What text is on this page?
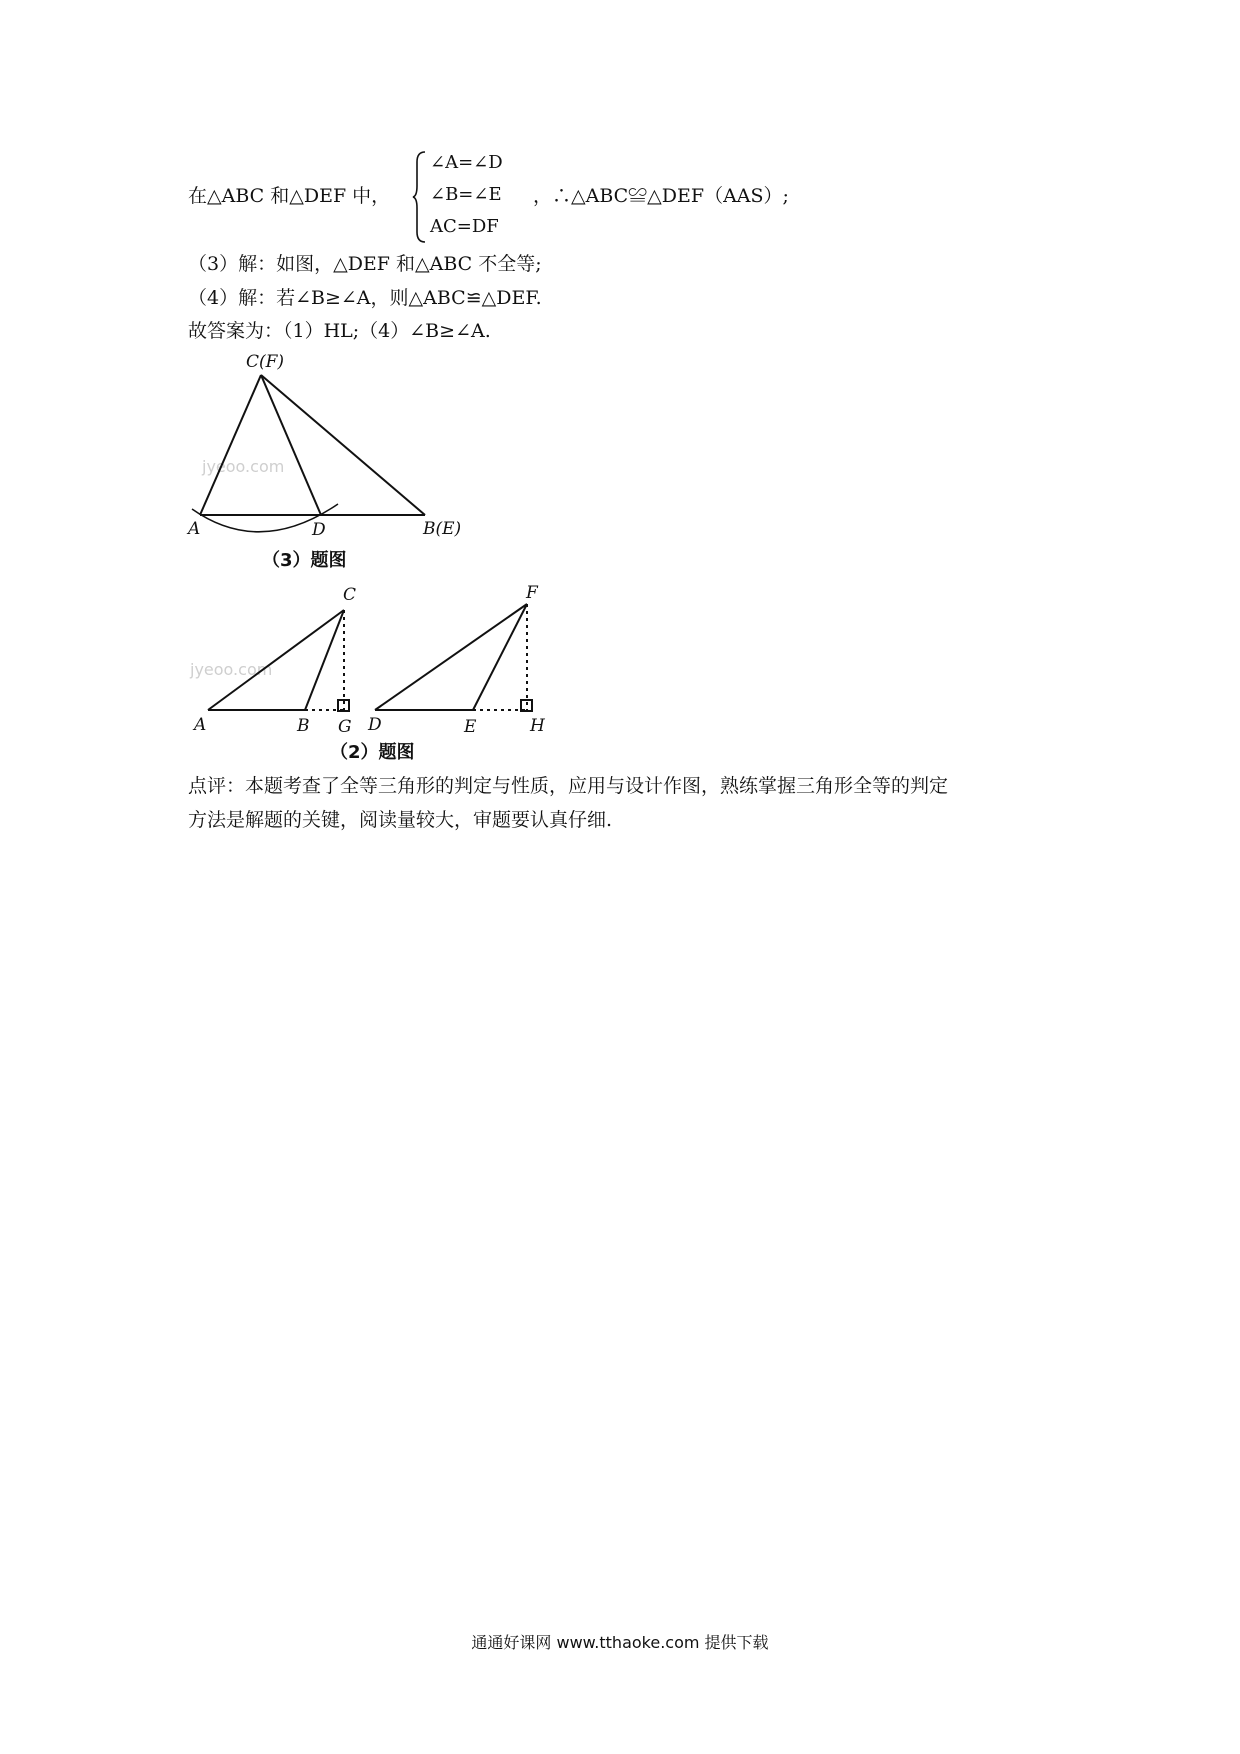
在△ABC 和△DEF 中，
∠A=∠D
∠B=∠E
AC=DF
，∴△ABC≌△DEF（AAS）;
（3）解：如图，△DEF 和△ABC 不全等;
（4）解：若∠B≥∠A，则△ABC≌△DEF.
故答案为：（1）HL;（4）∠B≥∠A.
jyeoo.com
C(F)
A	D	B(E)
（3）题图
jyeoo.com
C
A	B G
F
D	E	H
（2）题图
点评：本题考查了全等三角形的判定与性质，应用与设计作图，熟练掌握三角形全等的判定
方法是解题的关键，阅读量较大，审题要认真仔细.
通通好课网 www.tthaoke.com 提供下载
